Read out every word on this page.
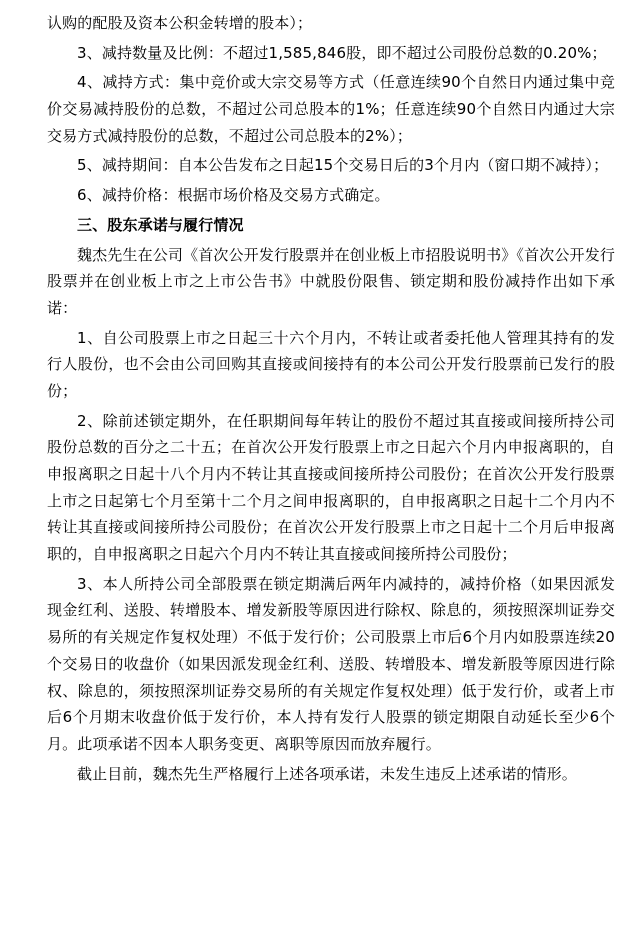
认购的配股及资本公积金转增的股本）；

3、减持数量及比例：不超过1,585,846股，即不超过公司股份总数的0.20%；

4、减持方式：集中竞价或大宗交易等方式（任意连续90个自然日内通过集中竞价交易减持股份的总数，不超过公司总股本的1%；任意连续90个自然日内通过大宗交易方式减持股份的总数，不超过公司总股本的2%）；

5、减持期间：自本公告发布之日起15个交易日后的3个月内（窗口期不减持）；

6、减持价格：根据市场价格及交易方式确定。

三、股东承诺与履行情况

魏杰先生在公司《首次公开发行股票并在创业板上市招股说明书》《首次公开发行股票并在创业板上市之上市公告书》中就股份限售、锁定期和股份减持作出如下承诺：

1、自公司股票上市之日起三十六个月内，不转让或者委托他人管理其持有的发行人股份，也不会由公司回购其直接或间接持有的本公司公开发行股票前已发行的股份；

2、除前述锁定期外，在任职期间每年转让的股份不超过其直接或间接所持公司股份总数的百分之二十五；在首次公开发行股票上市之日起六个月内申报离职的，自申报离职之日起十八个月内不转让其直接或间接所持公司股份；在首次公开发行股票上市之日起第七个月至第十二个月之间申报离职的，自申报离职之日起十二个月内不转让其直接或间接所持公司股份；在首次公开发行股票上市之日起十二个月后申报离职的，自申报离职之日起六个月内不转让其直接或间接所持公司股份；

3、本人所持公司全部股票在锁定期满后两年内减持的，减持价格（如果因派发现金红利、送股、转增股本、增发新股等原因进行除权、除息的，须按照深圳证券交易所的有关规定作复权处理）不低于发行价；公司股票上市后6个月内如股票连续20个交易日的收盘价（如果因派发现金红利、送股、转增股本、增发新股等原因进行除权、除息的，须按照深圳证券交易所的有关规定作复权处理）低于发行价，或者上市后6个月期末收盘价低于发行价，本人持有发行人股票的锁定期限自动延长至少6个月。此项承诺不因本人职务变更、离职等原因而放弃履行。

截止目前，魏杰先生严格履行上述各项承诺，未发生违反上述承诺的情形。
